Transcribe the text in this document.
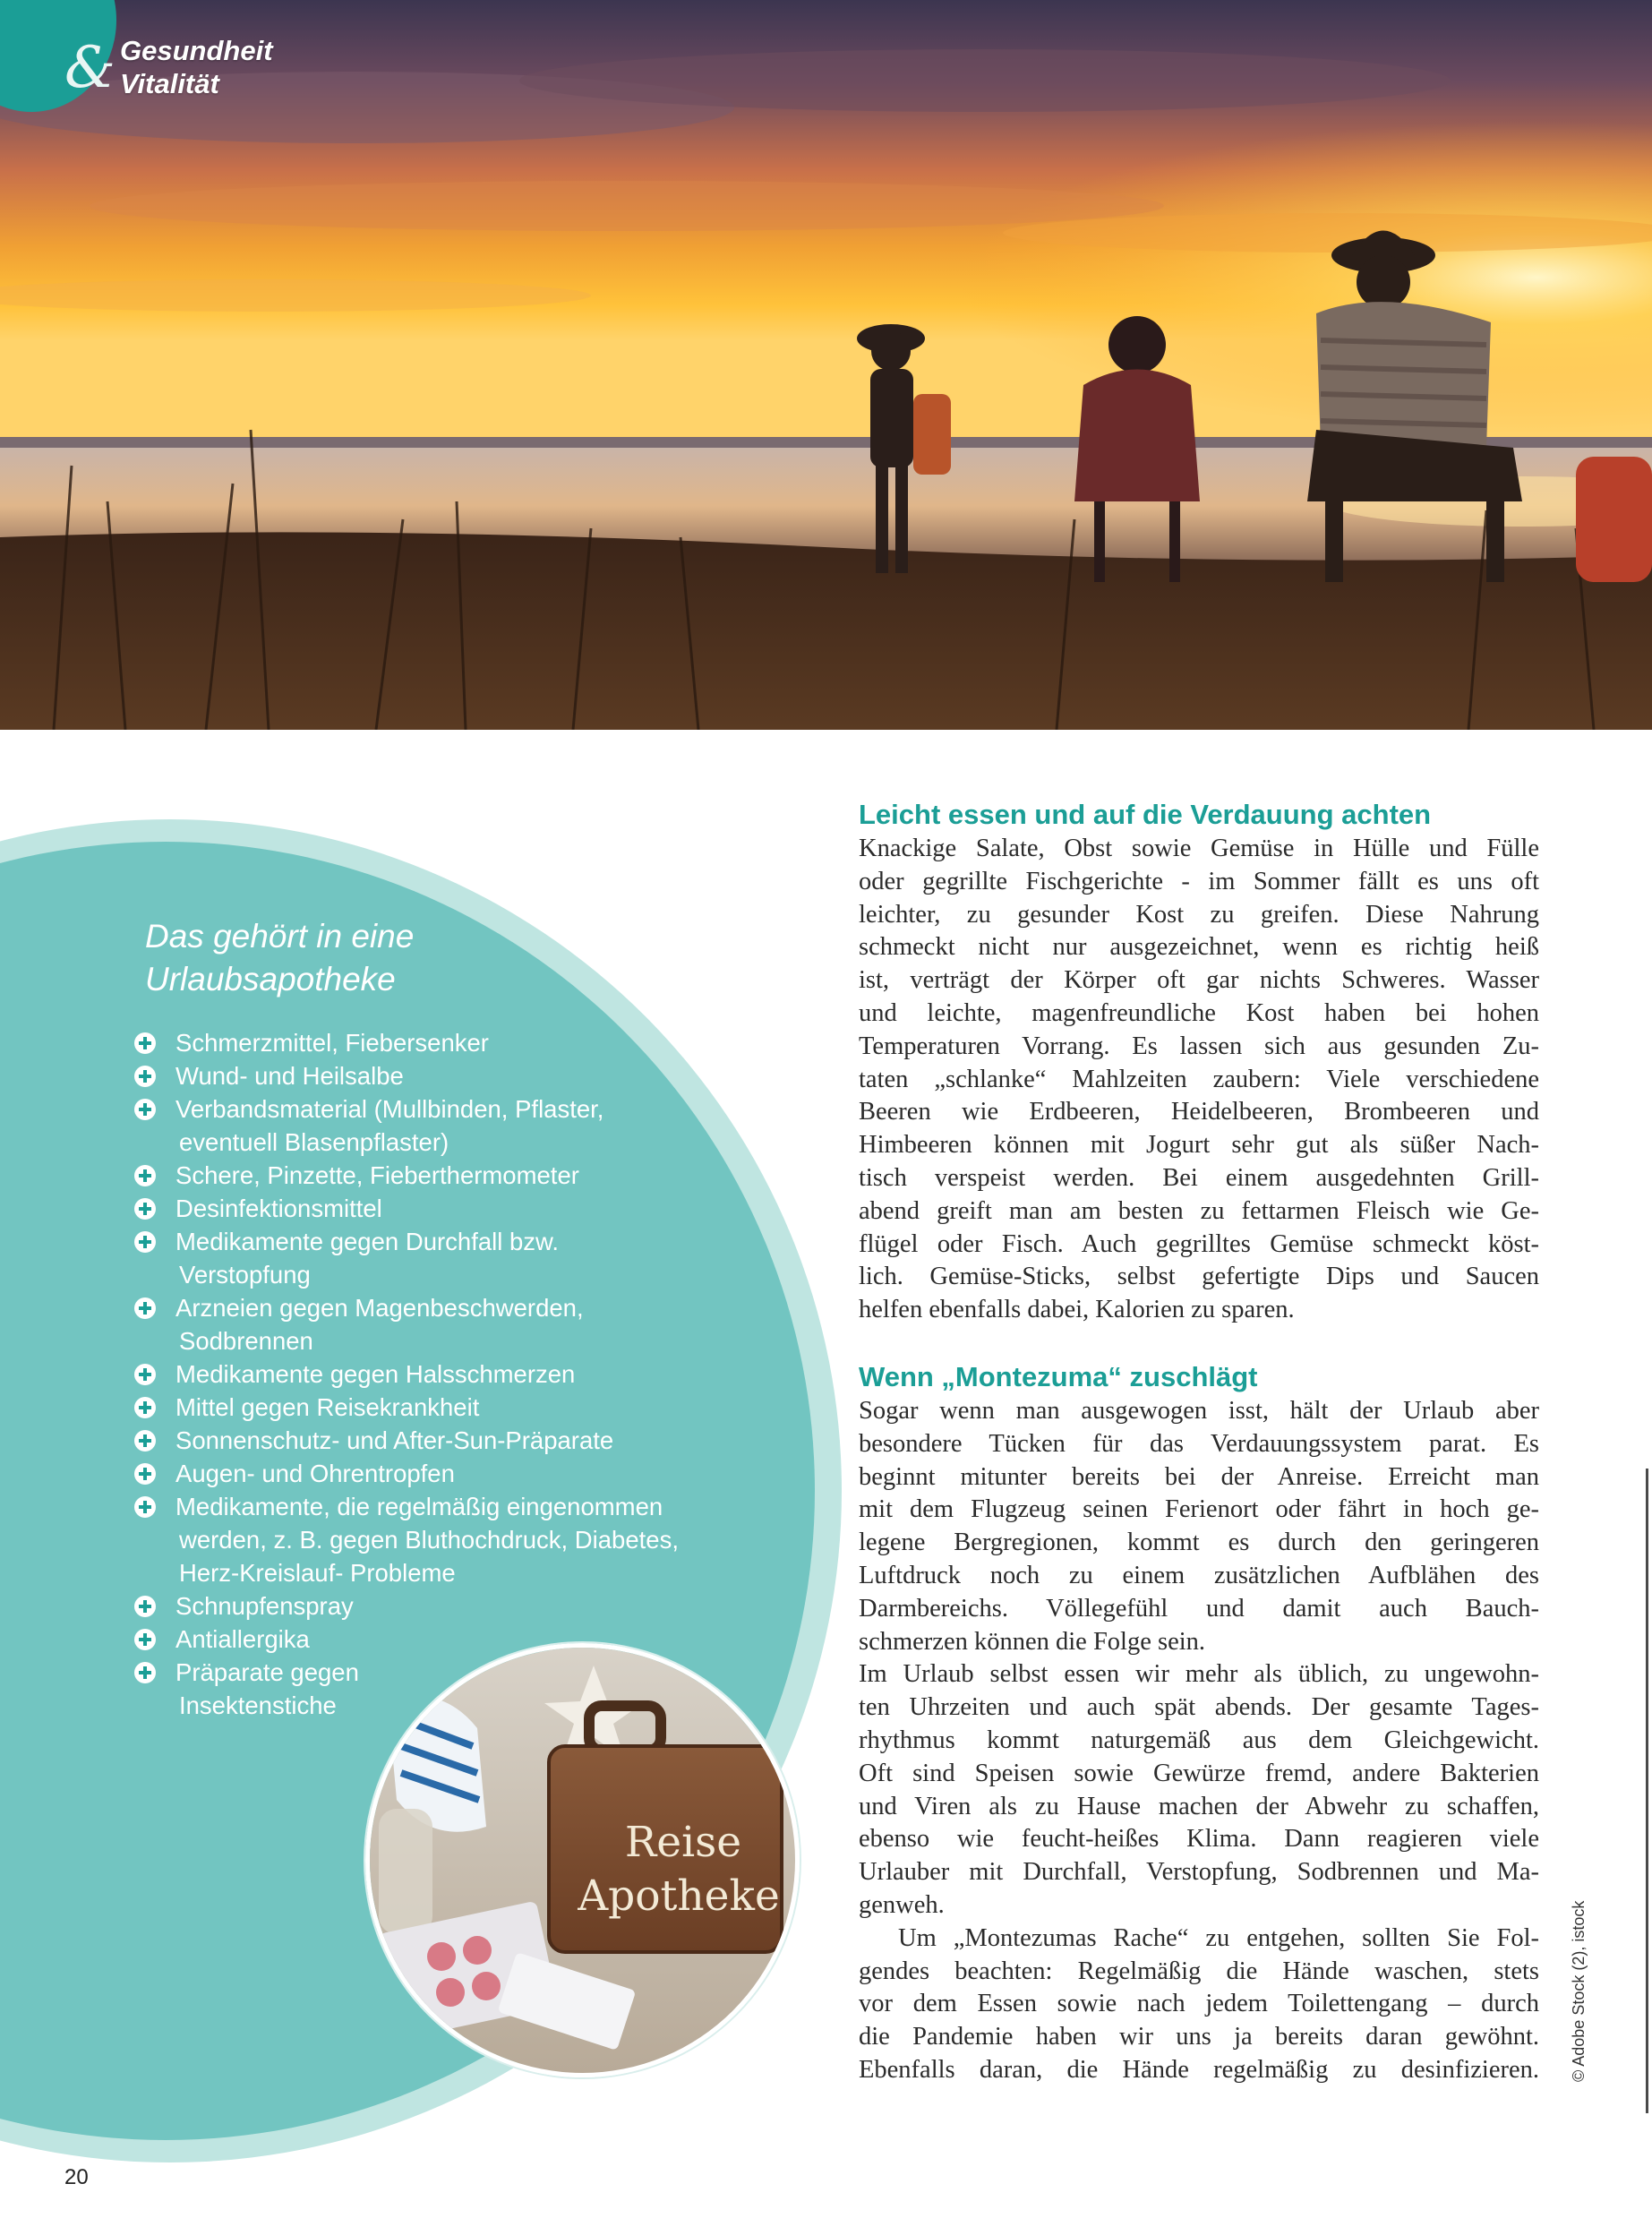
& Gesundheit
Vitalität
Das gehört in eine
Urlaubsapotheke
Schmerzmittel, Fiebersenker
Wund- und Heilsalbe
Verbandsmaterial (Mullbinden, Pflaster,
eventuell Blasenpflaster)
Schere, Pinzette, Fieberthermometer
Desinfektionsmittel
Medikamente gegen Durchfall bzw.
Verstopfung
Arzneien gegen Magenbeschwerden,
Sodbrennen
Medikamente gegen Halsschmerzen
Mittel gegen Reisekrankheit
Sonnenschutz- und After-Sun-Präparate
Augen- und Ohrentropfen
Medikamente, die regelmäßig eingenommen
werden, z. B. gegen Bluthochdruck, Diabetes,
Herz-Kreislauf- Probleme
Schnupfenspray
Antiallergika
Präparate gegen
Insektenstiche
Reise
Apotheke
Leicht essen und auf die Verdauung achten

Knackige Salate, Obst sowie Gemüse in Hülle und Fülle
oder gegrillte Fischgerichte - im Sommer fällt es uns oft
leichter, zu gesunder Kost zu greifen. Diese Nahrung
schmeckt nicht nur ausgezeichnet, wenn es richtig heiß
ist, verträgt der Körper oft gar nichts Schweres. Wasser
und leichte, magenfreundliche Kost haben bei hohen
Temperaturen Vorrang. Es lassen sich aus gesunden Zu-
taten „schlanke“ Mahlzeiten zaubern: Viele verschiedene
Beeren wie Erdbeeren, Heidelbeeren, Brombeeren und
Himbeeren können mit Jogurt sehr gut als süßer Nach-
tisch verspeist werden. Bei einem ausgedehnten Grill-
abend greift man am besten zu fettarmen Fleisch wie Ge-
flügel oder Fisch. Auch gegrilltes Gemüse schmeckt köst-
lich. Gemüse-Sticks, selbst gefertigte Dips und Saucen
helfen ebenfalls dabei, Kalorien zu sparen.

Wenn „Montezuma“ zuschlägt

Sogar wenn man ausgewogen isst, hält der Urlaub aber
besondere Tücken für das Verdauungssystem parat. Es
beginnt mitunter bereits bei der Anreise. Erreicht man
mit dem Flugzeug seinen Ferienort oder fährt in hoch ge-
legene Bergregionen, kommt es durch den geringeren
Luftdruck noch zu einem zusätzlichen Aufblähen des
Darmbereichs. Völlegefühl und damit auch Bauch-
schmerzen können die Folge sein.

Im Urlaub selbst essen wir mehr als üblich, zu ungewohn-
ten Uhrzeiten und auch spät abends. Der gesamte Tages-
rhythmus kommt naturgemäß aus dem Gleichgewicht.
Oft sind Speisen sowie Gewürze fremd, andere Bakterien
und Viren als zu Hause machen der Abwehr zu schaffen,
ebenso wie feucht-heißes Klima. Dann reagieren viele
Urlauber mit Durchfall, Verstopfung, Sodbrennen und Ma-
genweh.

Um „Montezumas Rache“ zu entgehen, sollten Sie Fol-
gendes beachten: Regelmäßig die Hände waschen, stets
vor dem Essen sowie nach jedem Toilettengang – durch
die Pandemie haben wir uns ja bereits daran gewöhnt.
Ebenfalls daran, die Hände regelmäßig zu desinfizieren. © Adobe Stock (2), istock
20
